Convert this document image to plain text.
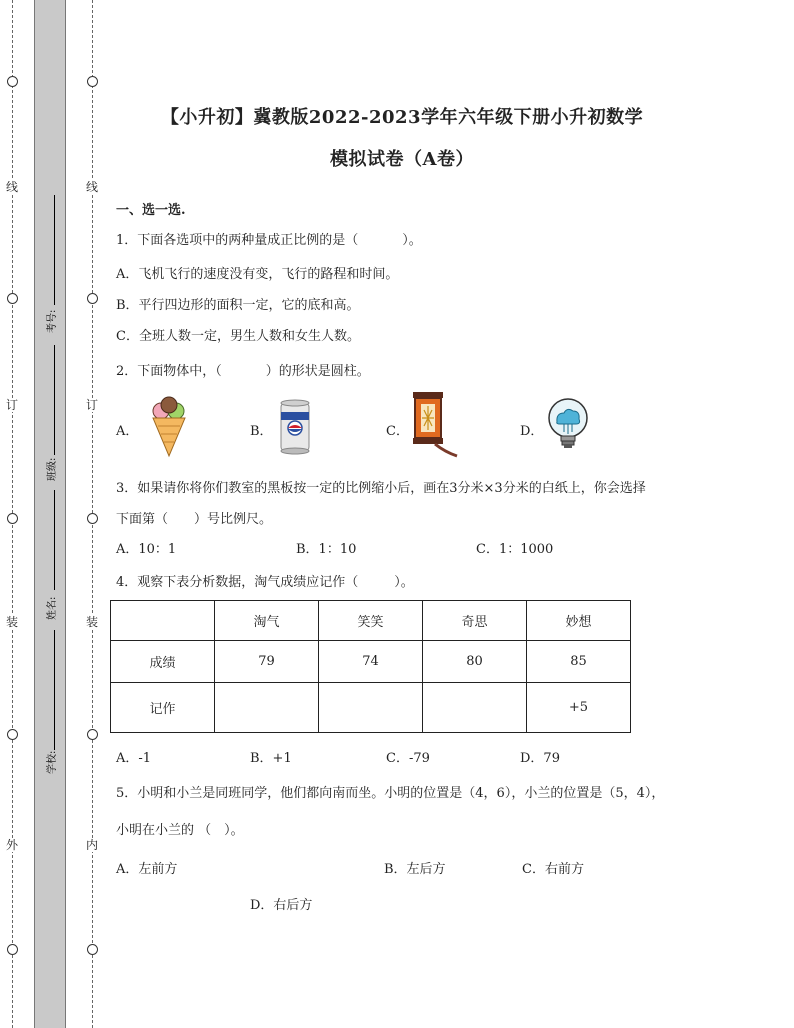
线
订
装
外
线
订
装
内
考号:
班级:
姓名:
学校:
【小升初】冀教版2022-2023学年六年级下册小升初数学
模拟试卷（A卷）
一、选一选.
1．下面各选项中的两种量成正比例的是（	）。
A．飞机飞行的速度没有变，飞行的路程和时间。
B．平行四边形的面积一定，它的底和高。
C．全班人数一定，男生人数和女生人数。
2．下面物体中，（	）的形状是圆柱。
A．	B．	C．	D．
3．如果请你将你们教室的黑板按一定的比例缩小后，画在3分米×3分米的白纸上，你会选择
下面第（ ）号比例尺。
A．10：1	B．1：10	C．1：1000
4．观察下表分析数据，淘气成绩应记作（	）。
	淘气	笑笑	奇思	妙想
成绩	79	74	80	85
记作				+5
A．-1	B．+1	C．-79	D．79
5．小明和小兰是同班同学，他们都向南而坐。小明的位置是（4，6），小兰的位置是（5，4），
小明在小兰的 （　）。
A．左前方	B．左后方	C．右前方
D．右后方
